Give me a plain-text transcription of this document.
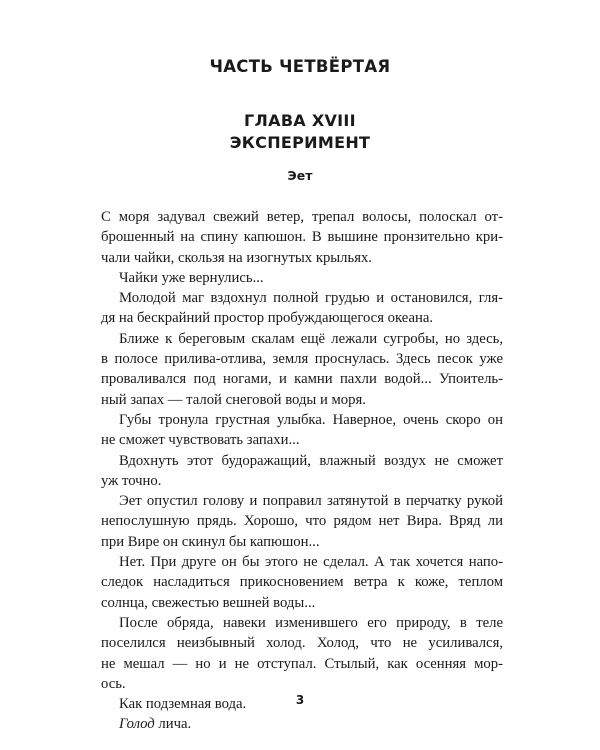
ЧАСТЬ ЧЕТВЁРТАЯ
ГЛАВА XVIII
ЭКСПЕРИМЕНТ
Эет
С моря задувал свежий ветер, трепал волосы, полоскал от-
брошенный на спину капюшон. В вышине пронзительно кри-
чали чайки, скользя на изогнутых крыльях.
Чайки уже вернулись...
Молодой маг вздохнул полной грудью и остановился, гля-
дя на бескрайний простор пробуждающегося океана.
Ближе к береговым скалам ещё лежали сугробы, но здесь,
в полосе прилива-отлива, земля проснулась. Здесь песок уже
проваливался под ногами, и камни пахли водой... Упоитель-
ный запах — талой снеговой воды и моря.
Губы тронула грустная улыбка. Наверное, очень скоро он
не сможет чувствовать запахи...
Вдохнуть этот будоражащий, влажный воздух не сможет
уж точно.
Эет опустил голову и поправил затянутой в перчатку рукой
непослушную прядь. Хорошо, что рядом нет Вира. Вряд ли
при Вире он скинул бы капюшон...
Нет. При друге он бы этого не сделал. А так хочется напо-
следок насладиться прикосновением ветра к коже, теплом
солнца, свежестью вешней воды...
После обряда, навеки изменившего его природу, в теле
поселился неизбывный холод. Холод, что не усиливался,
не мешал — но и не отступал. Стылый, как осенняя мор-
ось.
Как подземная вода.
Голод лича.
3
